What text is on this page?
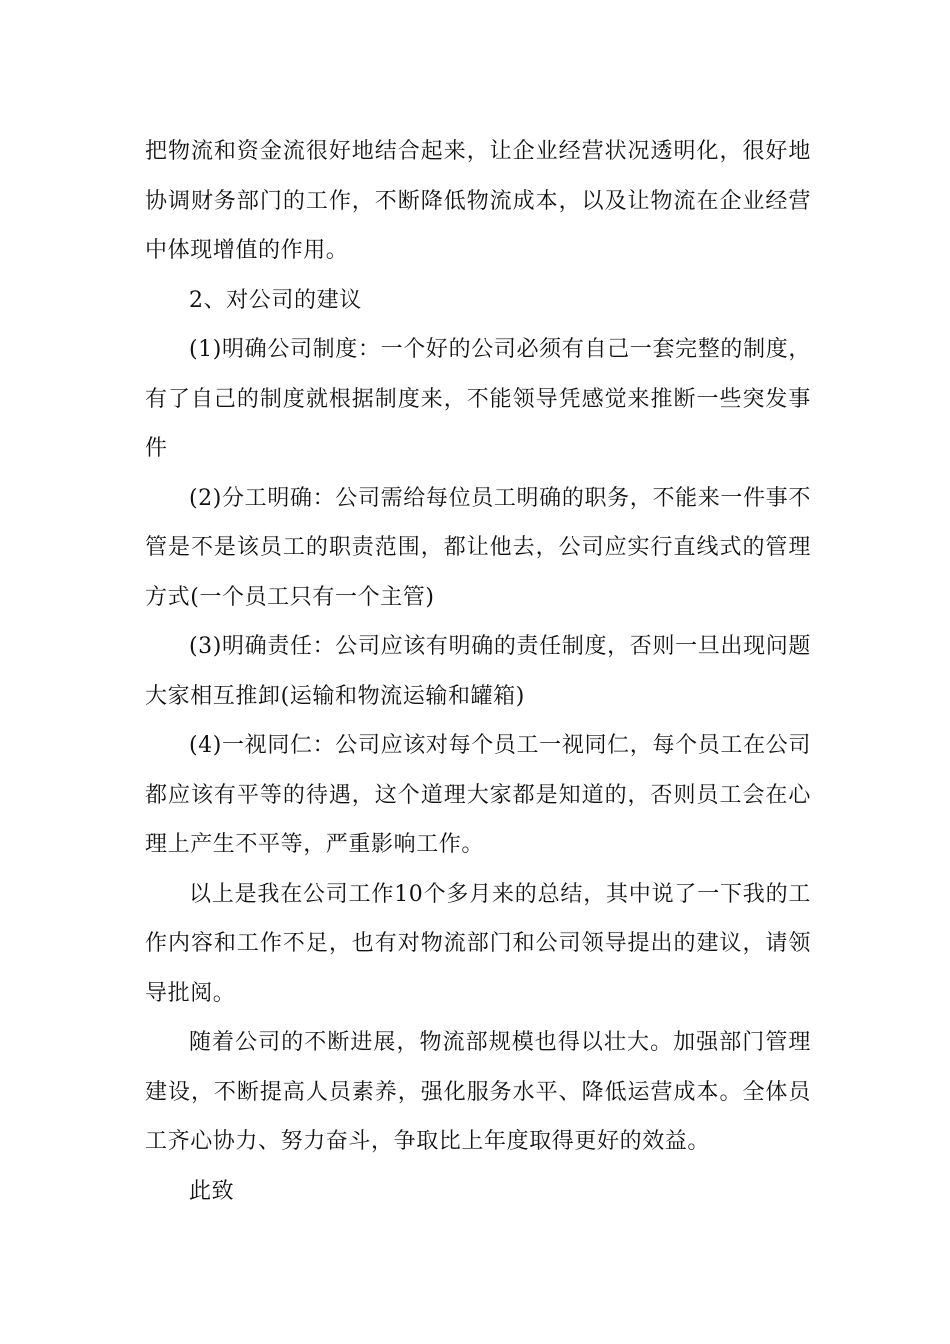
把物流和资金流很好地结合起来，让企业经营状况透明化，很好地协调财务部门的工作，不断降低物流成本，以及让物流在企业经营中体现增值的作用。

2、对公司的建议

(1)明确公司制度：一个好的公司必须有自己一套完整的制度，有了自己的制度就根据制度来，不能领导凭感觉来推断一些突发事件

(2)分工明确：公司需给每位员工明确的职务，不能来一件事不管是不是该员工的职责范围，都让他去，公司应实行直线式的管理方式(一个员工只有一个主管)

(3)明确责任：公司应该有明确的责任制度，否则一旦出现问题大家相互推卸(运输和物流运输和罐箱)

(4)一视同仁：公司应该对每个员工一视同仁，每个员工在公司都应该有平等的待遇，这个道理大家都是知道的，否则员工会在心理上产生不平等，严重影响工作。

以上是我在公司工作10个多月来的总结，其中说了一下我的工作内容和工作不足，也有对物流部门和公司领导提出的建议，请领导批阅。

随着公司的不断进展，物流部规模也得以壮大。加强部门管理建设，不断提高人员素养，强化服务水平、降低运营成本。全体员工齐心协力、努力奋斗，争取比上年度取得更好的效益。

此致
